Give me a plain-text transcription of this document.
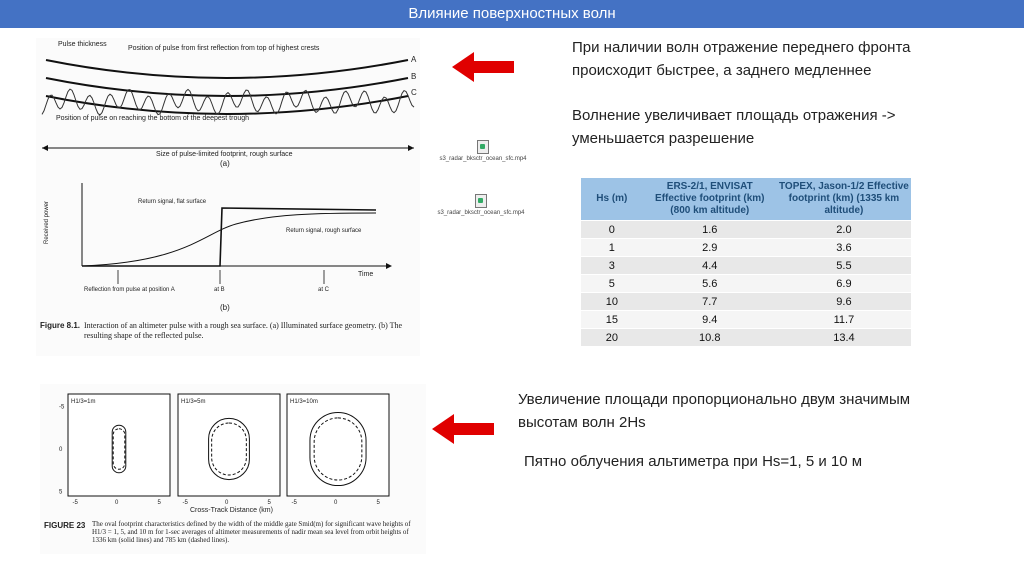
Влияние поверхностных волн
Pulse thickness
Position of pulse from first reflection from top of highest crests
Position of pulse on reaching the bottom of the deepest trough
A
B
C
Size of pulse-limited footprint, rough surface
(a)
Received power
Time
Return signal, flat surface
Return signal, rough surface
Reflection from pulse at position A	at B	at C
(b)
Figure 8.1. Interaction of an altimeter pulse with a rough sea surface. (a) Illuminated surface geometry. (b) The resulting shape of the reflected pulse.
s3_radar_bksctr_ocean_sfc.mp4
s3_radar_bksctr_ocean_sfc.mp4
При наличии волн отражение переднего фронта происходит быстрее, а заднего медленнее
Волнение увеличивает площадь отражения -> уменьшается разрешение
Увеличение площади пропорционально двум значимым высотам волн 2Hs
Пятно облучения альтиметра при Hs=1, 5 и 10 м
Hs (m)	ERS-2/1, ENVISAT Effective footprint (km) (800 km altitude)	TOPEX, Jason-1/2 Effective footprint (km) (1335 km altitude)
0	1.6	2.0
1	2.9	3.6
3	4.4	5.5
5	5.6	6.9
10	7.7	9.6
15	9.4	11.7
20	10.8	13.4
Cross-Track Distance (km)
FIGURE 23 The oval footprint characteristics defined by the width of the middle gate Smid(m) for significant wave heights of H1/3 = 1, 5, and 10 m for 1-sec averages of altimeter measurements of nadir mean sea level from orbit heights of 1336 km (solid lines) and 785 km (dashed lines).
-5
5
0
0
5
-5
H1/3=1m
-5	0	5
H1/3=5m
-5	0	5
H1/3=10m
